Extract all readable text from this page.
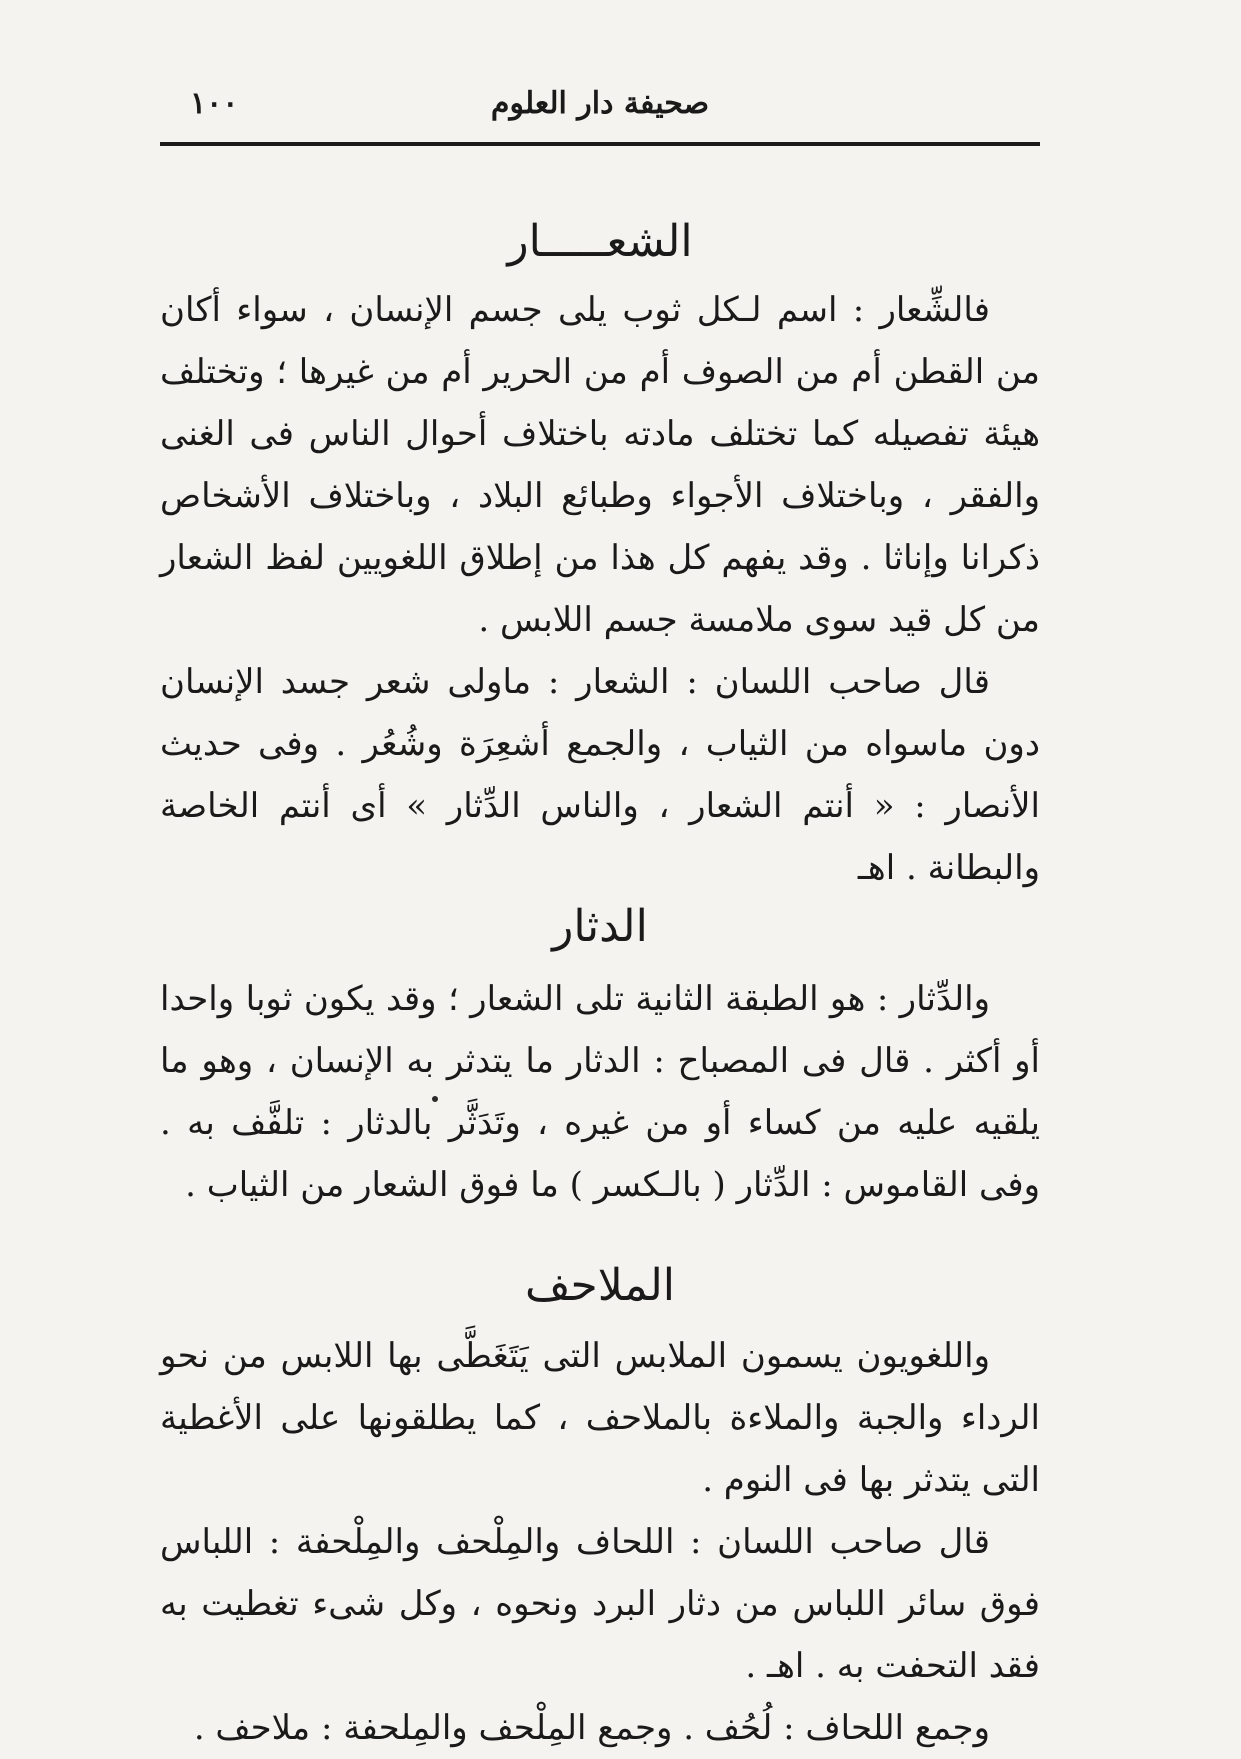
صحيفة دار العلوم
١٠٠
الشعـــــار

فالشِّعار : اسم لـكل ثوب يلى جسم الإنسان ، سواء أكان من القطن أم من الصوف أم من الحرير أم من غيرها ؛ وتختلف هيئة تفصيله كما تختلف مادته باختلاف أحوال الناس فى الغنى والفقر ، وباختلاف الأجواء وطبائع البلاد ، وباختلاف الأشخاص ذكرانا وإناثا . وقد يفهم كل هذا من إطلاق اللغويين لفظ الشعار من كل قيد سوى ملامسة جسم اللابس .

قال صاحب اللسان : الشعار : ماولى شعر جسد الإنسان دون ماسواه من الثياب ، والجمع أشعِرَة وشُعُر . وفى حديث الأنصار : « أنتم الشعار ، والناس الدِّثار » أى أنتم الخاصة والبطانة . اهـ

الدثار

والدِّثار : هو الطبقة الثانية تلى الشعار ؛ وقد يكون ثوبا واحدا أو أكثر . قال فى المصباح : الدثار ما يتدثر به الإنسان ، وهو ما يلقيه عليه من كساء أو من غيره ، وتَدَثَّر بالدثار : تلفَّف به . وفى القاموس : الدِّثار ( بالـكسر ) ما فوق الشعار من الثياب .

الملاحف

واللغويون يسمون الملابس التى يَتَغَطَّى بها اللابس من نحو الرداء والجبة والملاءة بالملاحف ، كما يطلقونها على الأغطية التى يتدثر بها فى النوم .

قال صاحب اللسان : اللحاف والمِلْحف والمِلْحفة : اللباس فوق سائر اللباس من دثار البرد ونحوه ، وكل شىء تغطيت به فقد التحفت به . اهـ .

وجمع اللحاف : لُحُف . وجمع المِلْحف والمِلحفة : ملاحف .
